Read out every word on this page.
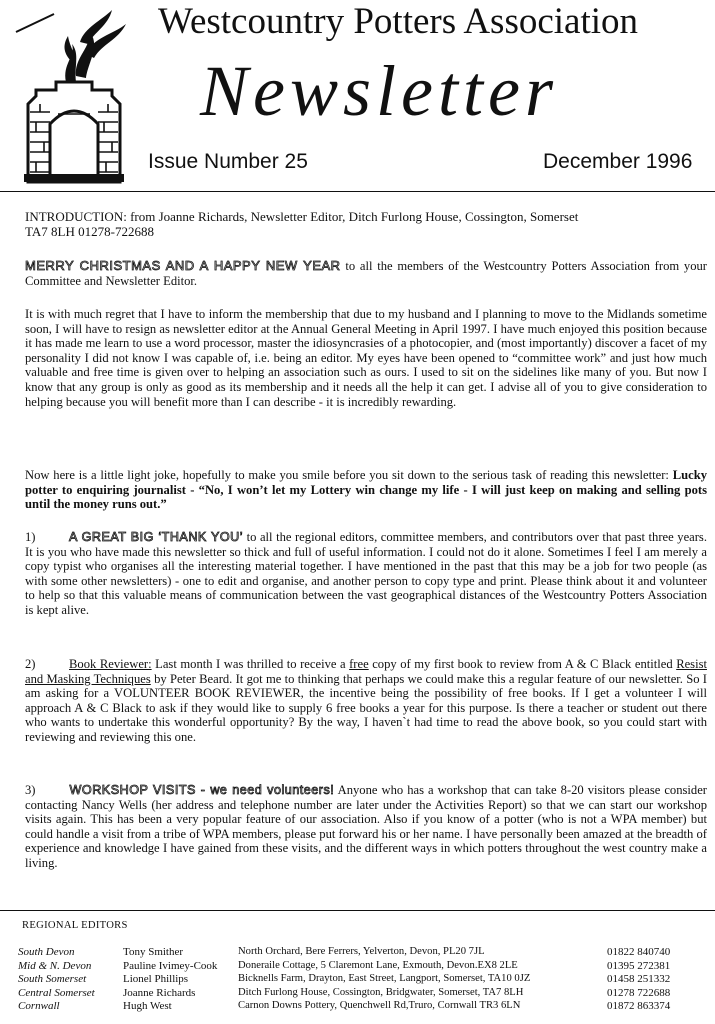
Westcountry Potters Association
Newsletter
Issue Number 25	December 1996
INTRODUCTION: from Joanne Richards, Newsletter Editor, Ditch Furlong House, Cossington, Somerset
TA7 8LH 01278-722688

MERRY CHRISTMAS AND A HAPPY NEW YEAR to all the members of the Westcountry Potters Association from your Committee and Newsletter Editor.

It is with much regret that I have to inform the membership that due to my husband and I planning to move to the Midlands sometime soon, I will have to resign as newsletter editor at the Annual General Meeting in April 1997. I have much enjoyed this position because it has made me learn to use a word processor, master the idiosyncrasies of a photocopier, and (most importantly) discover a facet of my personality I did not know I was capable of, i.e. being an editor. My eyes have been opened to “committee work” and just how much valuable and free time is given over to helping an association such as ours. I used to sit on the sidelines like many of you. But now I know that any group is only as good as its membership and it needs all the help it can get. I advise all of you to give consideration to helping because you will benefit more than I can describe - it is incredibly rewarding.

Now here is a little light joke, hopefully to make you smile before you sit down to the serious task of reading this newsletter: Lucky potter to enquiring journalist - “No, I won’t let my Lottery win change my life - I will just keep on making and selling pots until the money runs out.”

1)	A GREAT BIG ‘THANK YOU’ to all the regional editors, committee members, and contributors over that past three years. It is you who have made this newsletter so thick and full of useful information. I could not do it alone. Sometimes I feel I am merely a copy typist who organises all the interesting material together. I have mentioned in the past that this may be a job for two people (as with some other newsletters) - one to edit and organise, and another person to copy type and print. Please think about it and volunteer to help so that this valuable means of communication between the vast geographical distances of the Westcountry Potters Association is kept alive.

2)	Book Reviewer: Last month I was thrilled to receive a free copy of my first book to review from A & C Black entitled Resist and Masking Techniques by Peter Beard. It got me to thinking that perhaps we could make this a regular feature of our newsletter. So I am asking for a VOLUNTEER BOOK REVIEWER, the incentive being the possibility of free books. If I get a volunteer I will approach A & C Black to ask if they would like to supply 6 free books a year for this purpose. Is there a teacher or student out there who wants to undertake this wonderful opportunity? By the way, I haven`t had time to read the above book, so you could start with reviewing and reviewing this one.

3)	WORKSHOP VISITS - we need volunteers! Anyone who has a workshop that can take 8-20 visitors please consider contacting Nancy Wells (her address and telephone number are later under the Activities Report) so that we can start our workshop visits again. This has been a very popular feature of our association. Also if you know of a potter (who is not a WPA member) but could handle a visit from a tribe of WPA members, please put forward his or her name. I have personally been amazed at the breadth of experience and knowledge I have gained from these visits, and the different ways in which potters throughout the west country make a living.

REGIONAL EDITORS
South Devon	Tony Smither	North Orchard, Bere Ferrers, Yelverton, Devon, PL20 7JL	01822 840740
Mid & N. Devon	Pauline Ivimey-Cook	Doneraile Cottage, 5 Claremont Lane, Exmouth, Devon.EX8 2LE	01395 272381
South Somerset	Lionel Phillips	Bicknells Farm, Drayton, East Street, Langport, Somerset, TA10 0JZ	01458 251332
Central Somerset	Joanne Richards	Ditch Furlong House, Cossington, Bridgwater, Somerset, TA7 8LH	01278 722688
Cornwall	Hugh West	Carnon Downs Pottery, Quenchwell Rd,Truro, Cornwall TR3 6LN	01872 863374
